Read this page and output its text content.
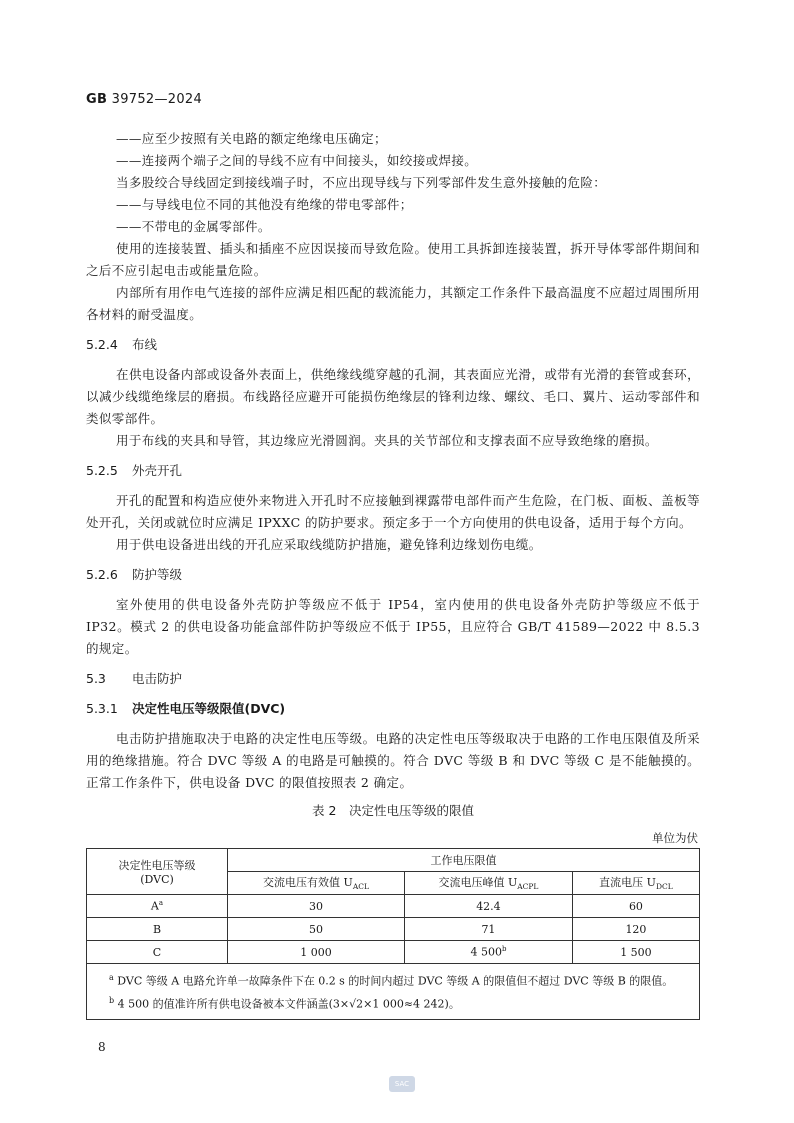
GB 39752—2024

——应至少按照有关电路的额定绝缘电压确定；

——连接两个端子之间的导线不应有中间接头，如绞接或焊接。

当多股绞合导线固定到接线端子时，不应出现导线与下列零部件发生意外接触的危险：

——与导线电位不同的其他没有绝缘的带电零部件；

——不带电的金属零部件。

使用的连接装置、插头和插座不应因误接而导致危险。使用工具拆卸连接装置，拆开导体零部件期间和之后不应引起电击或能量危险。

内部所有用作电气连接的部件应满足相匹配的载流能力，其额定工作条件下最高温度不应超过周围所用各材料的耐受温度。

5.2.4 布线

在供电设备内部或设备外表面上，供绝缘线缆穿越的孔洞，其表面应光滑，或带有光滑的套管或套环，以减少线缆绝缘层的磨损。布线路径应避开可能损伤绝缘层的锋利边缘、螺纹、毛口、翼片、运动零部件和类似零部件。

用于布线的夹具和导管，其边缘应光滑圆润。夹具的关节部位和支撑表面不应导致绝缘的磨损。

5.2.5 外壳开孔

开孔的配置和构造应使外来物进入开孔时不应接触到裸露带电部件而产生危险，在门板、面板、盖板等处开孔，关闭或就位时应满足 IPXXC 的防护要求。预定多于一个方向使用的供电设备，适用于每个方向。

用于供电设备进出线的开孔应采取线缆防护措施，避免锋利边缘划伤电缆。

5.2.6 防护等级

室外使用的供电设备外壳防护等级应不低于 IP54，室内使用的供电设备外壳防护等级应不低于 IP32。模式 2 的供电设备功能盒部件防护等级应不低于 IP55，且应符合 GB/T 41589—2022 中 8.5.3 的规定。

5.3 电击防护

5.3.1 决定性电压等级限值(DVC)

电击防护措施取决于电路的决定性电压等级。电路的决定性电压等级取决于电路的工作电压限值及所采用的绝缘措施。符合 DVC 等级 A 的电路是可触摸的。符合 DVC 等级 B 和 DVC 等级 C 是不能触摸的。正常工作条件下，供电设备 DVC 的限值按照表 2 确定。

表 2　决定性电压等级的限值
单位为伏
决定性电压等级
(DVC)	工作电压限值		
	交流电压有效值 $U_{ACL}$	交流电压峰值 $U_{ACPL}$	直流电压 $U_{DCL}$
$A^a$	30	42.4	60
B	50	71	120
C	1 000	4 500$^b$	1 500

$^a$ DVC 等级 A 电路允许单一故障条件下在 0.2 s 的时间内超过 DVC 等级 A 的限值但不超过 DVC 等级 B 的限值。

$^b$ 4 500 的值准许所有供电设备被本文件涵盖(3×√2×1 000≈4 242)。			

8
SAC
